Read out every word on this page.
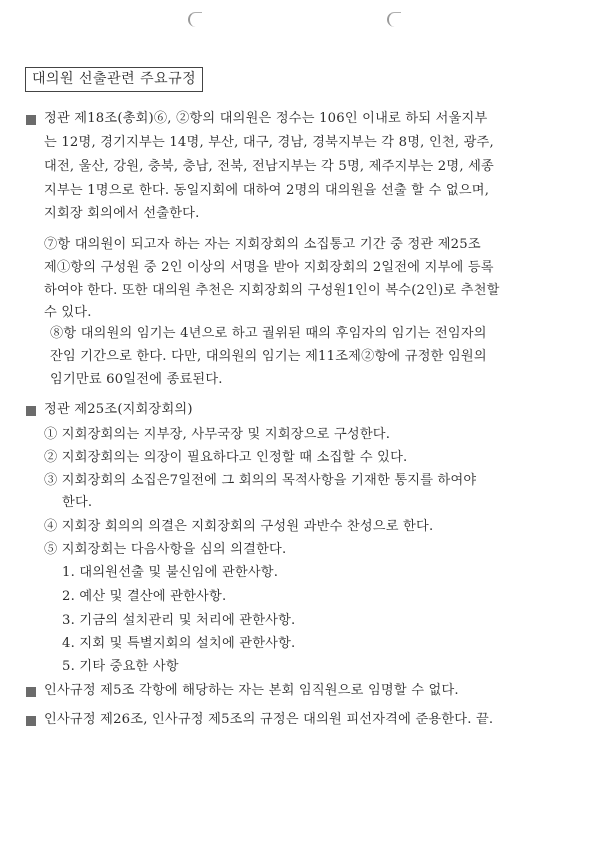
대의원 선출관련 주요규정
정관 제18조(총회)⑥, ②항의 대의원은 정수는 106인 이내로 하되 서울지부
는 12명, 경기지부는 14명, 부산, 대구, 경남, 경북지부는 각 8명, 인천, 광주,
대전, 울산, 강원, 충북, 충남, 전북, 전남지부는 각 5명, 제주지부는 2명, 세종
지부는 1명으로 한다. 동일지회에 대하여 2명의 대의원을 선출 할 수 없으며,
지회장 회의에서 선출한다.
⑦항 대의원이 되고자 하는 자는 지회장회의 소집통고 기간 중 정관 제25조
제①항의 구성원 중 2인 이상의 서명을 받아 지회장회의 2일전에 지부에 등록
하여야 한다. 또한 대의원 추천은 지회장회의 구성원1인이 복수(2인)로 추천할
수 있다.
⑧항 대의원의 임기는 4년으로 하고 궐위된 때의 후임자의 임기는 전임자의
잔임 기간으로 한다. 다만, 대의원의 임기는 제11조제②항에 규정한 임원의
임기만료 60일전에 종료된다.
정관 제25조(지회장회의)
① 지회장회의는 지부장, 사무국장 및 지회장으로 구성한다.
② 지회장회의는 의장이 필요하다고 인정할 때 소집할 수 있다.
③ 지회장회의 소집은7일전에 그 회의의 목적사항을 기재한 통지를 하여야
한다.
④ 지회장 회의의 의결은 지회장회의 구성원 과반수 찬성으로 한다.
⑤ 지회장회는 다음사항을 심의 의결한다.
1. 대의원선출 및 불신임에 관한사항.
2. 예산 및 결산에 관한사항.
3. 기금의 설치관리 및 처리에 관한사항.
4. 지회 및 특별지회의 설치에 관한사항.
5. 기타 중요한 사항
인사규정 제5조 각항에 해당하는 자는 본회 임직원으로 임명할 수 없다.
인사규정 제26조, 인사규정 제5조의 규정은 대의원 피선자격에 준용한다. 끝.
